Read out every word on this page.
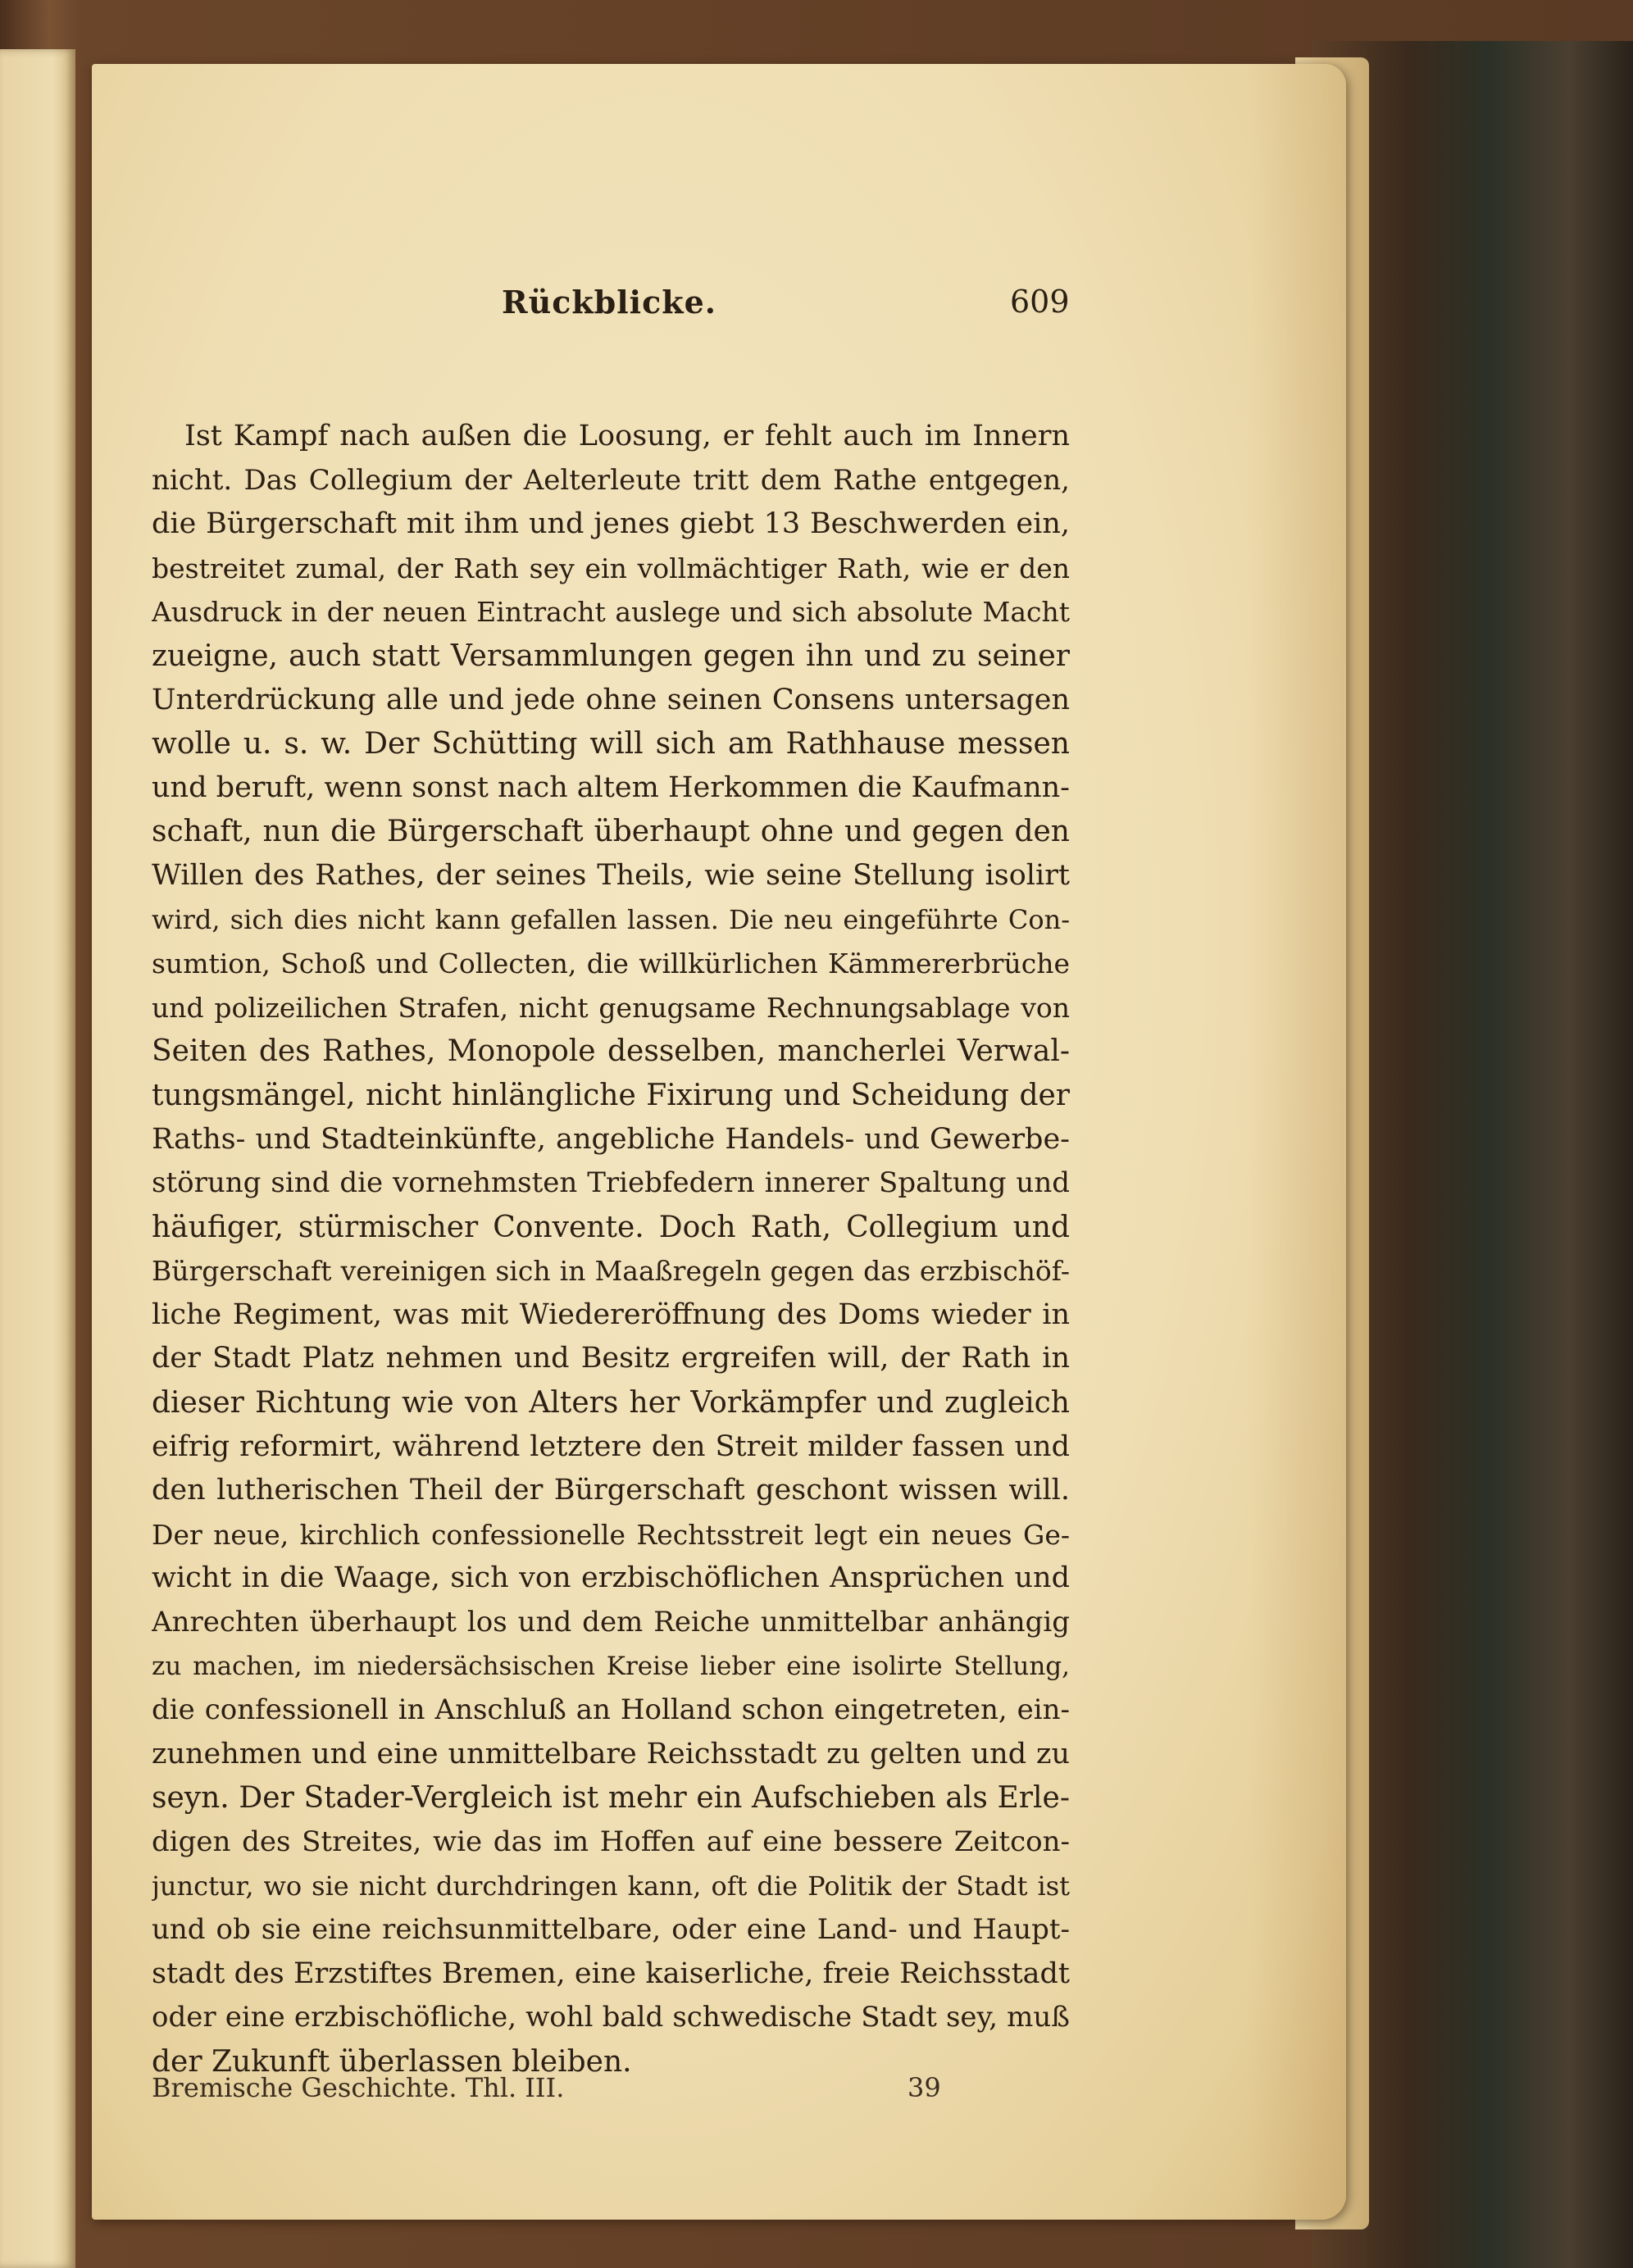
Rückblicke.	609
Ist Kampf nach außen die Loosung, er fehlt auch im Innern
nicht. Das Collegium der Aelterleute tritt dem Rathe entgegen,
die Bürgerschaft mit ihm und jenes giebt 13 Beschwerden ein,
bestreitet zumal, der Rath sey ein vollmächtiger Rath, wie er den
Ausdruck in der neuen Eintracht auslege und sich absolute Macht
zueigne, auch statt Versammlungen gegen ihn und zu seiner
Unterdrückung alle und jede ohne seinen Consens untersagen
wolle u. s. w. Der Schütting will sich am Rathhause messen
und beruft, wenn sonst nach altem Herkommen die Kaufmann-
schaft, nun die Bürgerschaft überhaupt ohne und gegen den
Willen des Rathes, der seines Theils, wie seine Stellung isolirt
wird, sich dies nicht kann gefallen lassen. Die neu eingeführte Con-
sumtion, Schoß und Collecten, die willkürlichen Kämmererbrüche
und polizeilichen Strafen, nicht genugsame Rechnungsablage von
Seiten des Rathes, Monopole desselben, mancherlei Verwal-
tungsmängel, nicht hinlängliche Fixirung und Scheidung der
Raths- und Stadteinkünfte, angebliche Handels- und Gewerbe-
störung sind die vornehmsten Triebfedern innerer Spaltung und
häufiger, stürmischer Convente. Doch Rath, Collegium und
Bürgerschaft vereinigen sich in Maaßregeln gegen das erzbischöf-
liche Regiment, was mit Wiedereröffnung des Doms wieder in
der Stadt Platz nehmen und Besitz ergreifen will, der Rath in
dieser Richtung wie von Alters her Vorkämpfer und zugleich
eifrig reformirt, während letztere den Streit milder fassen und
den lutherischen Theil der Bürgerschaft geschont wissen will.
Der neue, kirchlich confessionelle Rechtsstreit legt ein neues Ge-
wicht in die Waage, sich von erzbischöflichen Ansprüchen und
Anrechten überhaupt los und dem Reiche unmittelbar anhängig
zu machen, im niedersächsischen Kreise lieber eine isolirte Stellung,
die confessionell in Anschluß an Holland schon eingetreten, ein-
zunehmen und eine unmittelbare Reichsstadt zu gelten und zu
seyn. Der Stader-Vergleich ist mehr ein Aufschieben als Erle-
digen des Streites, wie das im Hoffen auf eine bessere Zeitcon-
junctur, wo sie nicht durchdringen kann, oft die Politik der Stadt ist
und ob sie eine reichsunmittelbare, oder eine Land- und Haupt-
stadt des Erzstiftes Bremen, eine kaiserliche, freie Reichsstadt
oder eine erzbischöfliche, wohl bald schwedische Stadt sey, muß
der Zukunft überlassen bleiben.
Bremische Geschichte. Thl. III.	39
